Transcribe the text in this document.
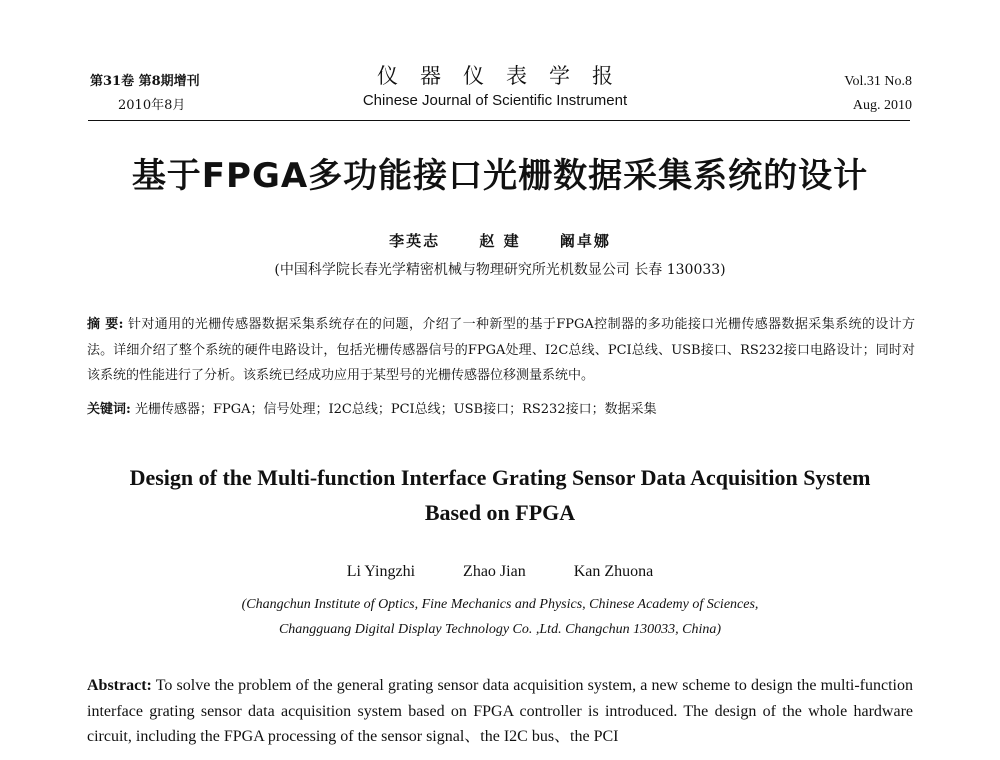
第31卷 第8期增刊
2010年8月
仪器仪表学报
Chinese Journal of Scientific Instrument
Vol.31 No.8
Aug. 2010
基于FPGA多功能接口光栅数据采集系统的设计
李英志	赵 建	阚卓娜
(中国科学院长春光学精密机械与物理研究所光机数显公司 长春 130033)
摘 要: 针对通用的光栅传感器数据采集系统存在的问题，介绍了一种新型的基于FPGA控制器的多功能接口光栅传感器数据采集系统的设计方法。详细介绍了整个系统的硬件电路设计，包括光栅传感器信号的FPGA处理、I2C总线、PCI总线、USB接口、RS232接口电路设计；同时对该系统的性能进行了分析。该系统已经成功应用于某型号的光栅传感器位移测量系统中。
关键词: 光栅传感器；FPGA；信号处理；I2C总线；PCI总线；USB接口；RS232接口；数据采集
Design of the Multi-function Interface Grating Sensor Data Acquisition System
Based on FPGA
Li Yingzhi	Zhao Jian	Kan Zhuona
(Changchun Institute of Optics, Fine Mechanics and Physics, Chinese Academy of Sciences,
Changguang Digital Display Technology Co. ,Ltd. Changchun 130033, China)
Abstract: To solve the problem of the general grating sensor data acquisition system, a new scheme to design the multi-function interface grating sensor data acquisition system based on FPGA controller is introduced. The design of the whole hardware circuit, including the FPGA processing of the sensor signal、the I2C bus、the PCI
